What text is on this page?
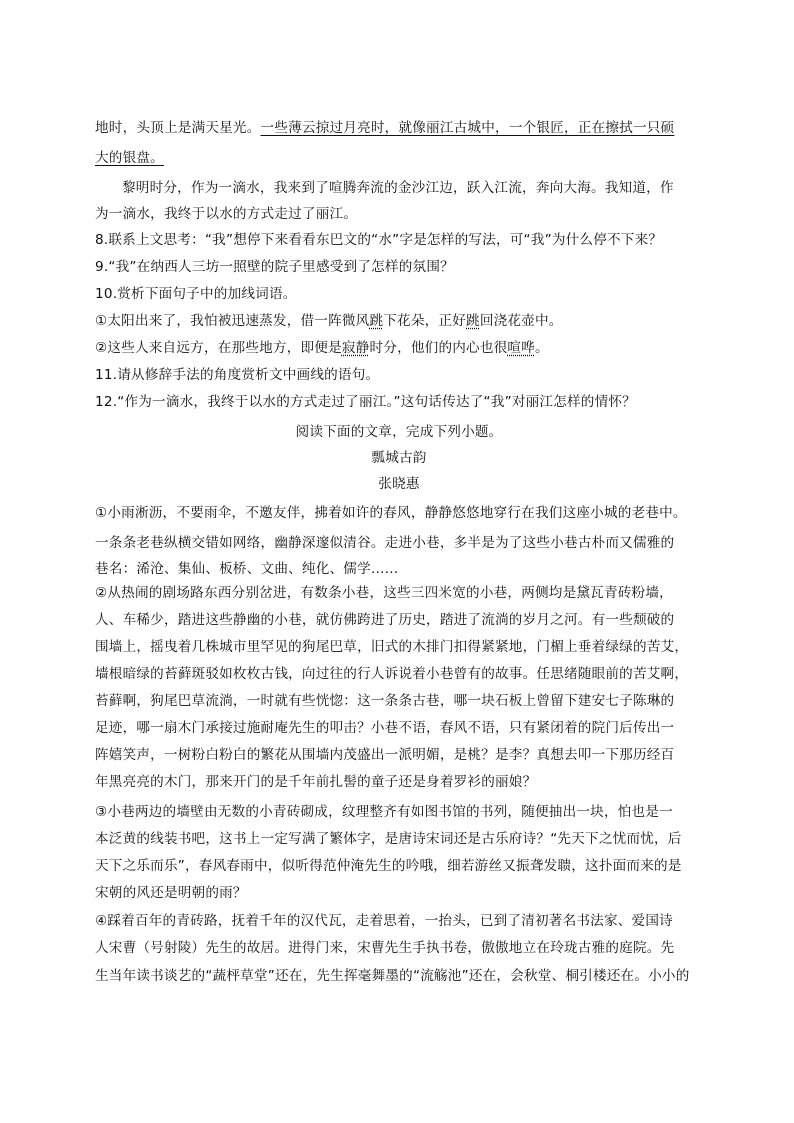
地时，头顶上是满天星光。一些薄云掠过月亮时，就像丽江古城中，一个银匠，正在擦拭一只硕
大的银盘。
黎明时分，作为一滴水，我来到了喧腾奔流的金沙江边，跃入江流，奔向大海。我知道，作
为一滴水，我终于以水的方式走过了丽江。
8.联系上文思考：“我”想停下来看看东巴文的“水”字是怎样的写法，可“我”为什么停不下来？
9.“我”在纳西人三坊一照壁的院子里感受到了怎样的氛围？
10.赏析下面句子中的加线词语。
①太阳出来了，我怕被迅速蒸发，借一阵微风跳下花朵，正好跳回浇花壶中。
②这些人来自远方，在那些地方，即便是寂静时分，他们的内心也很喧哗。
11.请从修辞手法的角度赏析文中画线的语句。
12.“作为一滴水，我终于以水的方式走过了丽江。”这句话传达了“我”对丽江怎样的情怀？
阅读下面的文章，完成下列小题。
瓢城古韵
张晓惠
①小雨淅沥，不要雨伞，不邀友伴，拂着如许的春风，静静悠悠地穿行在我们这座小城的老巷中。
一条条老巷纵横交错如网络，幽静深邃似清谷。走进小巷，多半是为了这些小巷古朴而又儒雅的
巷名：浠沧、集仙、板桥、文曲、纯化、儒学……
②从热闹的剧场路东西分别岔进，有数条小巷，这些三四米宽的小巷，两侧均是黛瓦青砖粉墙，
人、车稀少，踏进这些静幽的小巷，就仿佛跨进了历史，踏进了流淌的岁月之河。有一些颓破的
围墙上，摇曳着几株城市里罕见的狗尾巴草，旧式的木排门扣得紧紧地，门楣上垂着绿绿的苦艾，
墙根暗绿的苔藓斑驳如枚枚古钱，向过往的行人诉说着小巷曾有的故事。任思绪随眼前的苦艾啊，
苔藓啊，狗尾巴草流淌，一时就有些恍惚：这一条条古巷，哪一块石板上曾留下建安七子陈琳的
足迹，哪一扇木门承接过施耐庵先生的叩击？小巷不语，春风不语，只有紧闭着的院门后传出一
阵嬉笑声，一树粉白粉白的繁花从围墙内茂盛出一派明媚，是桃？是李？真想去叩一下那历经百
年黑亮亮的木门，那来开门的是千年前扎髻的童子还是身着罗衫的丽娘？
③小巷两边的墙壁由无数的小青砖砌成，纹理整齐有如图书馆的书列，随便抽出一块，怕也是一
本泛黄的线装书吧，这书上一定写满了繁体字，是唐诗宋词还是古乐府诗？“先天下之忧而忧，后
天下之乐而乐”，春风春雨中，似听得范仲淹先生的吟哦，细若游丝又振聋发聩，这扑面而来的是
宋朝的风还是明朝的雨？
④踩着百年的青砖路，抚着千年的汉代瓦，走着思着，一抬头，已到了清初著名书法家、爱国诗
人宋曹（号射陵）先生的故居。进得门来，宋曹先生手执书卷，傲傲地立在玲珑古雅的庭院。先
生当年读书谈艺的“蔬枰草堂”还在，先生挥毫舞墨的“流觞池”还在，会秋堂、桐引楼还在。小小的
